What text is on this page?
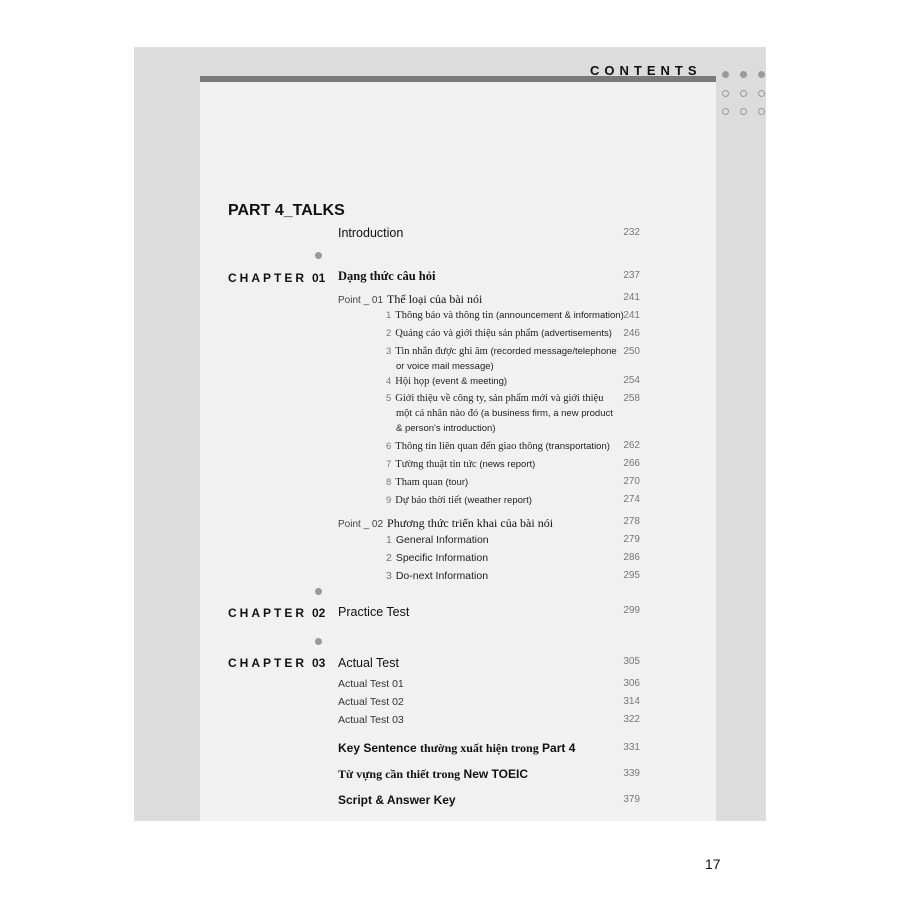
CONTENTS
PART 4_TALKS
Introduction	232
CHAPTER 01 Dạng thức câu hỏi	237
Point _ 01 Thể loại của bài nói	241
1 Thông báo và thông tin (announcement & information) 241
2 Quảng cáo và giới thiệu sản phẩm (advertisements)	246
3 Tin nhắn được ghi âm (recorded message/telephone
or voice mail message)
250
4 Hội họp (event & meeting)	254
5 Giới thiệu về công ty, sản phẩm mới và giới thiệu
một cá nhân nào đó (a business firm, a new product
& person's introduction)
258
6 Thông tin liên quan đến giao thông (transportation)	262
7 Tường thuật tin tức (news report)	266
8 Tham quan (tour)	270
9 Dự báo thời tiết (weather report)	274
Point _ 02 Phương thức triển khai của bài nói	278
1 General Information	279
2 Specific Information	286
3 Do-next Information	295
CHAPTER 02 Practice Test	299
CHAPTER 03 Actual Test	305
Actual Test 01	306
Actual Test 02	314
Actual Test 03	322
Key Sentence thường xuất hiện trong Part 4	331
Từ vựng cần thiết trong New TOEIC	339
Script & Answer Key	379
17
